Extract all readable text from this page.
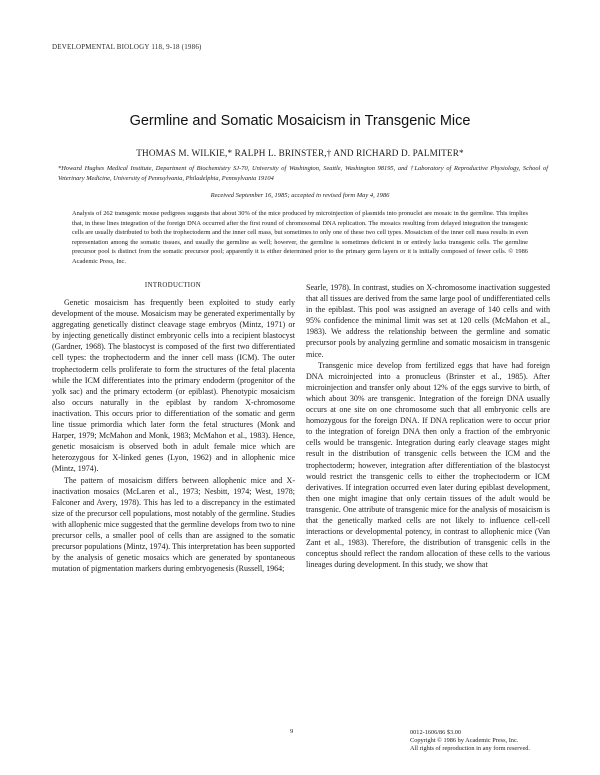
DEVELOPMENTAL BIOLOGY 118, 9-18 (1986)
Germline and Somatic Mosaicism in Transgenic Mice
THOMAS M. WILKIE,* RALPH L. BRINSTER,† AND RICHARD D. PALMITER*
*Howard Hughes Medical Institute, Department of Biochemistry SJ-70, University of Washington, Seattle, Washington 98195, and †Laboratory of Reproductive Physiology, School of Veterinary Medicine, University of Pennsylvania, Philadelphia, Pennsylvania 19104
Received September 16, 1985; accepted in revised form May 4, 1986
Analysis of 262 transgenic mouse pedigrees suggests that about 30% of the mice produced by microinjection of plasmids into pronuclei are mosaic in the germline. This implies that, in these lines integration of the foreign DNA occurred after the first round of chromosomal DNA replication. The mosaics resulting from delayed integration the transgenic cells are usually distributed to both the trophectoderm and the inner cell mass, but sometimes to only one of these two cell types. Mosaicism of the inner cell mass results in even representation among the somatic tissues, and usually the germline as well; however, the germline is sometimes deficient in or entirely lacks transgenic cells. The germline precursor pool is distinct from the somatic precursor pool; apparently it is either determined prior to the primary germ layers or it is initially composed of fewer cells. © 1986 Academic Press, Inc.
INTRODUCTION

Genetic mosaicism has frequently been exploited to study early development of the mouse. Mosaicism may be generated experimentally by aggregating genetically distinct cleavage stage embryos (Mintz, 1971) or by injecting genetically distinct embryonic cells into a recipient blastocyst (Gardner, 1968). The blastocyst is composed of the first two differentiated cell types: the trophectoderm and the inner cell mass (ICM). The outer trophectoderm cells proliferate to form the structures of the fetal placenta while the ICM differentiates into the primary endoderm (progenitor of the yolk sac) and the primary ectoderm (or epiblast). Phenotypic mosaicism also occurs naturally in the epiblast by random X-chromosome inactivation. This occurs prior to differentiation of the somatic and germ line tissue primordia which later form the fetal structures (Monk and Harper, 1979; McMahon and Monk, 1983; McMahon et al., 1983). Hence, genetic mosaicism is observed both in adult female mice which are heterozygous for X-linked genes (Lyon, 1962) and in allophenic mice (Mintz, 1974).

The pattern of mosaicism differs between allophenic mice and X-inactivation mosaics (McLaren et al., 1973; Nesbitt, 1974; West, 1978; Falconer and Avery, 1978). This has led to a discrepancy in the estimated size of the precursor cell populations, most notably of the germline. Studies with allophenic mice suggested that the germline develops from two to nine precursor cells, a smaller pool of cells than are assigned to the somatic precursor populations (Mintz, 1974). This interpretation has been supported by the analysis of genetic mosaics which are generated by spontaneous mutation of pigmentation markers during embryogenesis (Russell, 1964;

Searle, 1978). In contrast, studies on X-chromosome inactivation suggested that all tissues are derived from the same large pool of undifferentiated cells in the epiblast. This pool was assigned an average of 140 cells and with 95% confidence the minimal limit was set at 120 cells (McMahon et al., 1983). We address the relationship between the germline and somatic precursor pools by analyzing germline and somatic mosaicism in transgenic mice.

Transgenic mice develop from fertilized eggs that have had foreign DNA microinjected into a pronucleus (Brinster et al., 1985). After microinjection and transfer only about 12% of the eggs survive to birth, of which about 30% are transgenic. Integration of the foreign DNA usually occurs at one site on one chromosome such that all embryonic cells are homozygous for the foreign DNA. If DNA replication were to occur prior to the integration of foreign DNA then only a fraction of the embryonic cells would be transgenic. Integration during early cleavage stages might result in the distribution of transgenic cells between the ICM and the trophectoderm; however, integration after differentiation of the blastocyst would restrict the transgenic cells to either the trophectoderm or ICM derivatives. If integration occurred even later during epiblast development, then one might imagine that only certain tissues of the adult would be transgenic. One attribute of transgenic mice for the analysis of mosaicism is that the genetically marked cells are not likely to influence cell-cell interactions or developmental potency, in contrast to allophenic mice (Van Zant et al., 1983). Therefore, the distribution of transgenic cells in the conceptus should reflect the random allocation of these cells to the various lineages during development. In this study, we show that

9	0012-1606/86 $3.00
Copyright © 1986 by Academic Press, Inc.
All rights of reproduction in any form reserved.
